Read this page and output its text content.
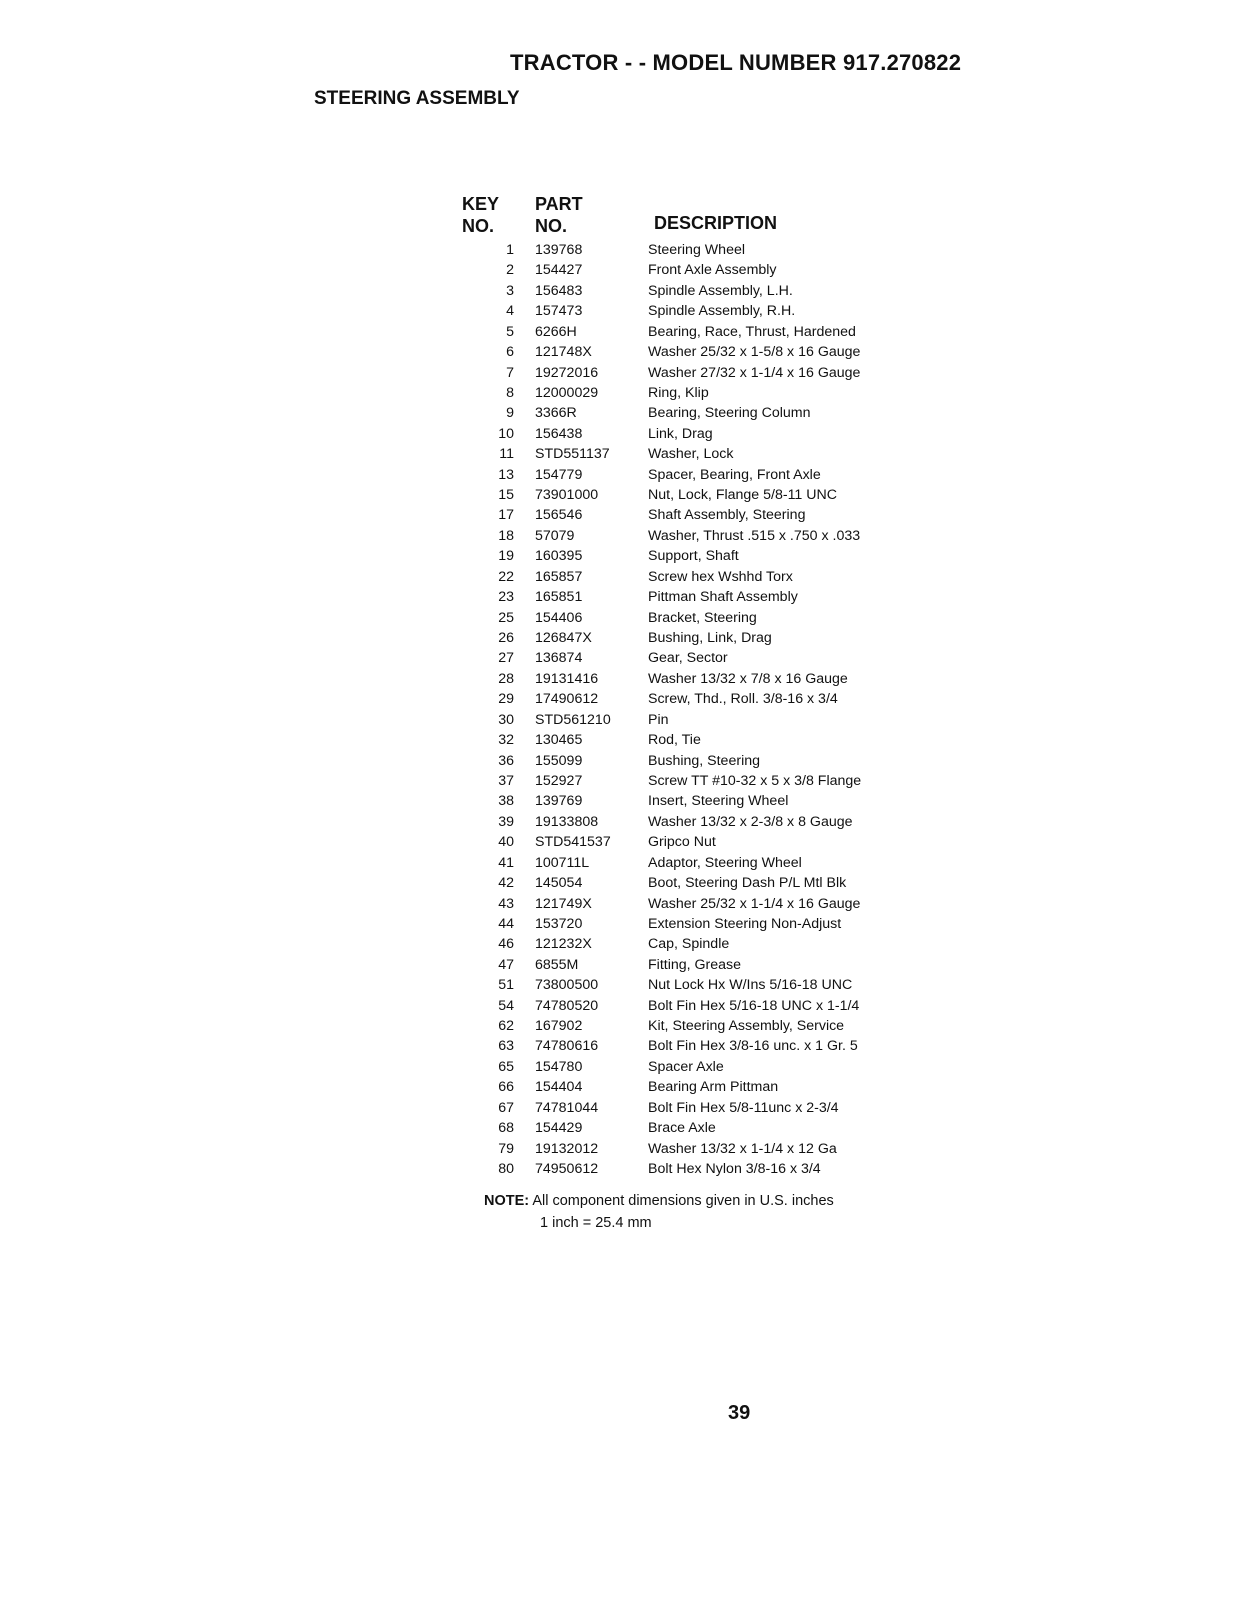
TRACTOR - - MODEL NUMBER 917.270822
STEERING ASSEMBLY
KEY
NO.
PART
NO.	DESCRIPTION
1 139768	Steering Wheel
2 154427	Front Axle Assembly
3 156483	Spindle Assembly, L.H.
4 157473	Spindle Assembly, R.H.
5 6266H	Bearing, Race, Thrust, Hardened
6 121748X	Washer 25/32 x 1-5/8 x 16 Gauge
7 19272016	Washer 27/32 x 1-1/4 x 16 Gauge
8 12000029	Ring, Klip
9 3366R	Bearing, Steering Column
10 156438	Link, Drag
11 STD551137	Washer, Lock
13 154779	Spacer, Bearing, Front Axle
15 73901000	Nut, Lock, Flange 5/8-11 UNC
17 156546	Shaft Assembly, Steering
18 57079	Washer, Thrust .515 x .750 x .033
19 160395	Support, Shaft
22 165857	Screw hex Wshhd Torx
23 165851	Pittman Shaft Assembly
25 154406	Bracket, Steering
26 126847X	Bushing, Link, Drag
27 136874	Gear, Sector
28 19131416	Washer 13/32 x 7/8 x 16 Gauge
29 17490612	Screw, Thd., Roll. 3/8-16 x 3/4
30 STD561210	Pin
32 130465	Rod, Tie
36 155099	Bushing, Steering
37 152927	Screw TT #10-32 x 5 x 3/8 Flange
38 139769	Insert, Steering Wheel
39 19133808	Washer 13/32 x 2-3/8 x 8 Gauge
40 STD541537	Gripco Nut
41 100711L	Adaptor, Steering Wheel
42 145054	Boot, Steering Dash P/L Mtl Blk
43 121749X	Washer 25/32 x 1-1/4 x 16 Gauge
44 153720	Extension Steering Non-Adjust
46 121232X	Cap, Spindle
47 6855M	Fitting, Grease
51 73800500	Nut Lock Hx W/Ins 5/16-18 UNC
54 74780520	Bolt Fin Hex 5/16-18 UNC x 1-1/4
62 167902	Kit, Steering Assembly, Service
63 74780616	Bolt Fin Hex 3/8-16 unc. x 1 Gr. 5
65 154780	Spacer Axle
66 154404	Bearing Arm Pittman
67 74781044	Bolt Fin Hex 5/8-11unc x 2-3/4
68 154429	Brace Axle
79 19132012	Washer 13/32 x 1-1/4 x 12 Ga
80 74950612	Bolt Hex Nylon 3/8-16 x 3/4
NOTE: All component dimensions given in U.S. inches
1 inch = 25.4 mm
39
